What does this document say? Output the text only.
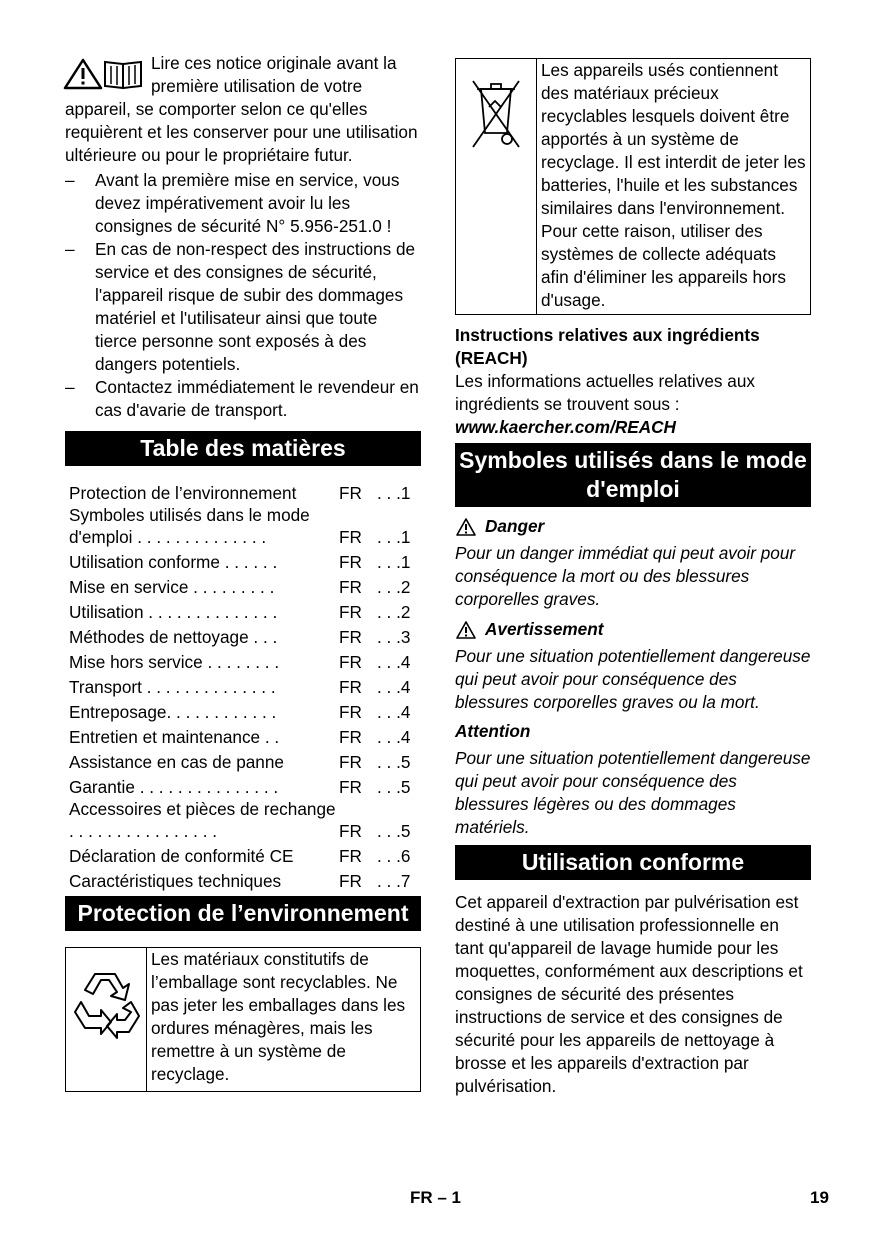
Lire ces notice originale avant la première utilisation de votre appareil, se comporter selon ce qu'elles requièrent et les conserver pour une utilisation ultérieure ou pour le propriétaire futur.

– Avant la première mise en service, vous devez impérativement avoir lu les consignes de sécurité N° 5.956-251.0 !
– En cas de non-respect des instructions de service et des consignes de sécurité, l'appareil risque de subir des dommages matériel et l'utilisateur ainsi que toute tierce personne sont exposés à des dangers potentiels.
– Contactez immédiatement le revendeur en cas d'avarie de transport.
Table des matières
Protection de l’environnement	FR	. . .1
Symboles utilisés dans le mode d'emploi . . . . . . . . . . . . . .	FR	. . .1
Utilisation conforme . . . . . .	FR	. . .1
Mise en service . . . . . . . . .	FR	. . .2
Utilisation . . . . . . . . . . . . . .	FR	. . .2
Méthodes de nettoyage . . .	FR	. . .3
Mise hors service . . . . . . . .	FR	. . .4
Transport . . . . . . . . . . . . . .	FR	. . .4
Entreposage. . . . . . . . . . . .	FR	. . .4
Entretien et maintenance . .	FR	. . .4
Assistance en cas de panne	FR	. . .5
Garantie . . . . . . . . . . . . . . .	FR	. . .5
Accessoires et pièces de rechange . . . . . . . . . . . . . . . .	FR	. . .5
Déclaration de conformité CE	FR	. . .6
Caractéristiques techniques	FR	. . .7
Protection de l’environnement
Les matériaux constitutifs de l’emballage sont recyclables. Ne pas jeter les emballages dans les ordures ménagères, mais les remettre à un système de recyclage.
Les appareils usés contiennent des matériaux précieux recyclables lesquels doivent être apportés à un système de recyclage. Il est interdit de jeter les batteries, l'huile et les substances similaires dans l'environnement. Pour cette raison, utiliser des systèmes de collecte adéquats afin d'éliminer les appareils hors d'usage.

Instructions relatives aux ingrédients (REACH)

Les informations actuelles relatives aux ingrédients se trouvent sous :

www.kaercher.com/REACH

Symboles utilisés dans le mode d'emploi
Danger

Pour un danger immédiat qui peut avoir pour conséquence la mort ou des blessures corporelles graves.

Avertissement

Pour une situation potentiellement dangereuse qui peut avoir pour conséquence des blessures corporelles graves ou la mort.

Attention

Pour une situation potentiellement dangereuse qui peut avoir pour conséquence des blessures légères ou des dommages matériels.

Utilisation conforme

Cet appareil d'extraction par pulvérisation est destiné à une utilisation professionnelle en tant qu'appareil de lavage humide pour les moquettes, conformément aux descriptions et consignes de sécurité des présentes instructions de service et des consignes de sécurité pour les appareils de nettoyage à brosse et les appareils d'extraction par pulvérisation.

FR – 1	19
